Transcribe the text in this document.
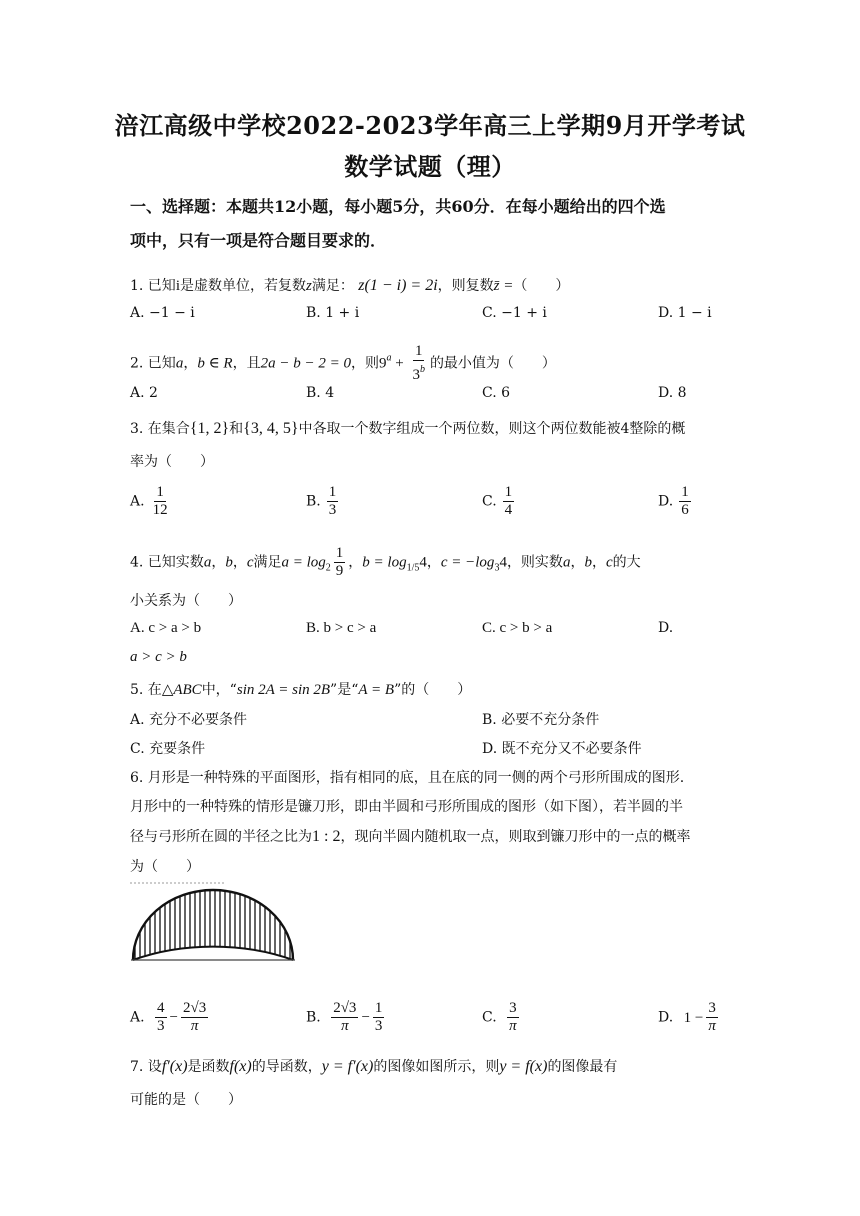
涪江高级中学校2022-2023学年高三上学期9月开学考试
数学试题（理）
一、选择题：本题共12小题，每小题5分，共60分．在每小题给出的四个选
项中，只有一项是符合题目要求的．
1. 已知i是虚数单位，若复数z满足： z(1 − i) = 2i，则复数z̄ =（　　）
A. −1 − i	B. 1 + i	C. −1 + i	D. 1 − i
2. 已知a，b ∈ R，且2a − b − 2 = 0，则$9^a + \frac{1}{3^b}$ 的最小值为（　　）
A. 2	B. 4	C. 6	D. 8
3. 在集合{1, 2}和{3, 4, 5}中各取一个数字组成一个两位数，则这个两位数能被4整除的概
率为（　　）
A. $\frac{1}{12}$	B. $\frac{1}{3}$	C. $\frac{1}{4}$	D. $\frac{1}{6}$
4. 已知实数a，b，c满足$a = \log_2 \frac{1}{9}$ ，$b = \log_{1/5}4$，$c = -\log_34$，则实数a，b，c的大
小关系为（　　）
A. c > a > b	B. b > c > a	C. c > b > a	D.
a > c > b
5. 在△ABC中，“sin 2A = sin 2B”是“A = B”的（　　）
A. 充分不必要条件	B. 必要不充分条件
C. 充要条件	D. 既不充分又不必要条件
6. 月形是一种特殊的平面图形，指有相同的底，且在底的同一侧的两个弓形所围成的图形.
月形中的一种特殊的情形是镰刀形，即由半圆和弓形所围成的图形（如下图），若半圆的半
径与弓形所在圆的半径之比为1 : 2，现向半圆内随机取一点，则取到镰刀形中的一点的概率
为（　　）
A. $\frac{4}{3} - \frac{2√3}{\pi}$	B. $\frac{2√3}{\pi} - \frac{1}{3}$	C. $\frac{3}{\pi}$	D. $1 - \frac{3}{\pi}$
7. 设f′(x)是函数f(x)的导函数，y = f′(x)的图像如图所示，则y = f(x)的图像最有
可能的是（　　）
